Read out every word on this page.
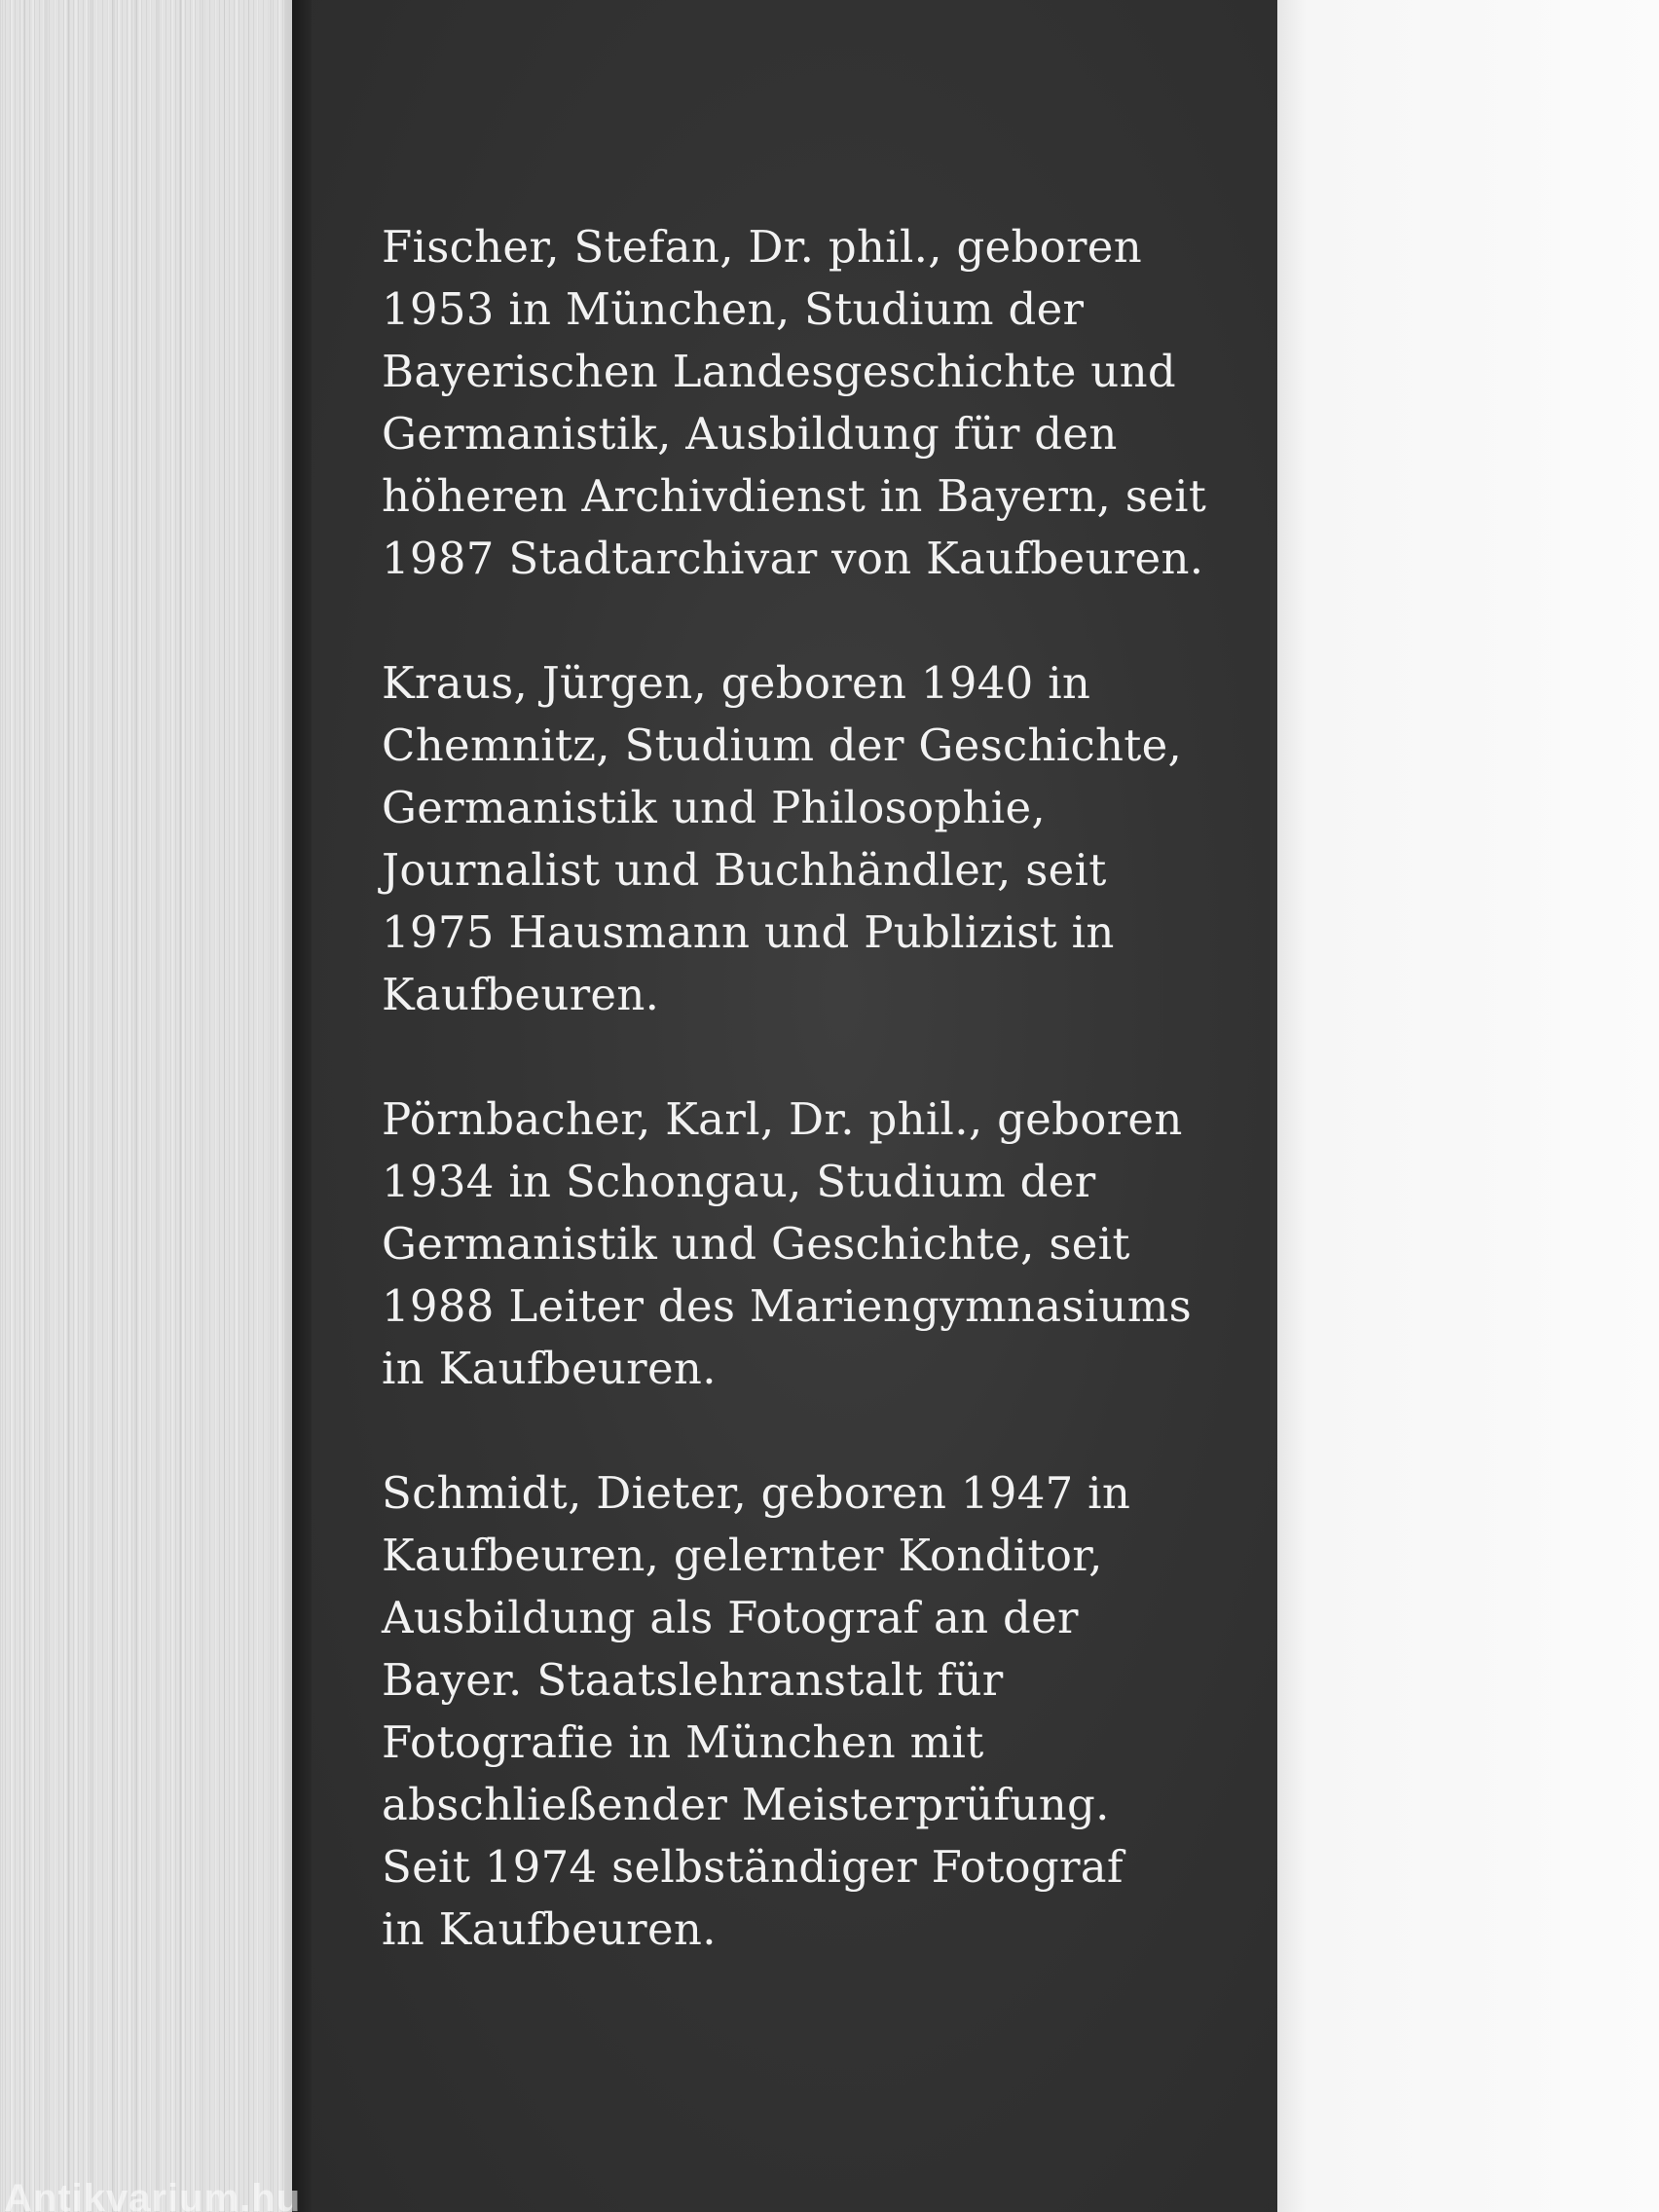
Fischer, Stefan, Dr. phil., geboren
1953 in München, Studium der
Bayerischen Landesgeschichte und
Germanistik, Ausbildung für den
höheren Archivdienst in Bayern, seit
1987 Stadtarchivar von Kaufbeuren.
Kraus, Jürgen, geboren 1940 in
Chemnitz, Studium der Geschichte,
Germanistik und Philosophie,
Journalist und Buchhändler, seit
1975 Hausmann und Publizist in
Kaufbeuren.
Pörnbacher, Karl, Dr. phil., geboren
1934 in Schongau, Studium der
Germanistik und Geschichte, seit
1988 Leiter des Mariengymnasiums
in Kaufbeuren.
Schmidt, Dieter, geboren 1947 in
Kaufbeuren, gelernter Konditor,
Ausbildung als Fotograf an der
Bayer. Staatslehranstalt für
Fotografie in München mit
abschließender Meisterprüfung.
Seit 1974 selbständiger Fotograf
in Kaufbeuren.
Antikvarium.hu
